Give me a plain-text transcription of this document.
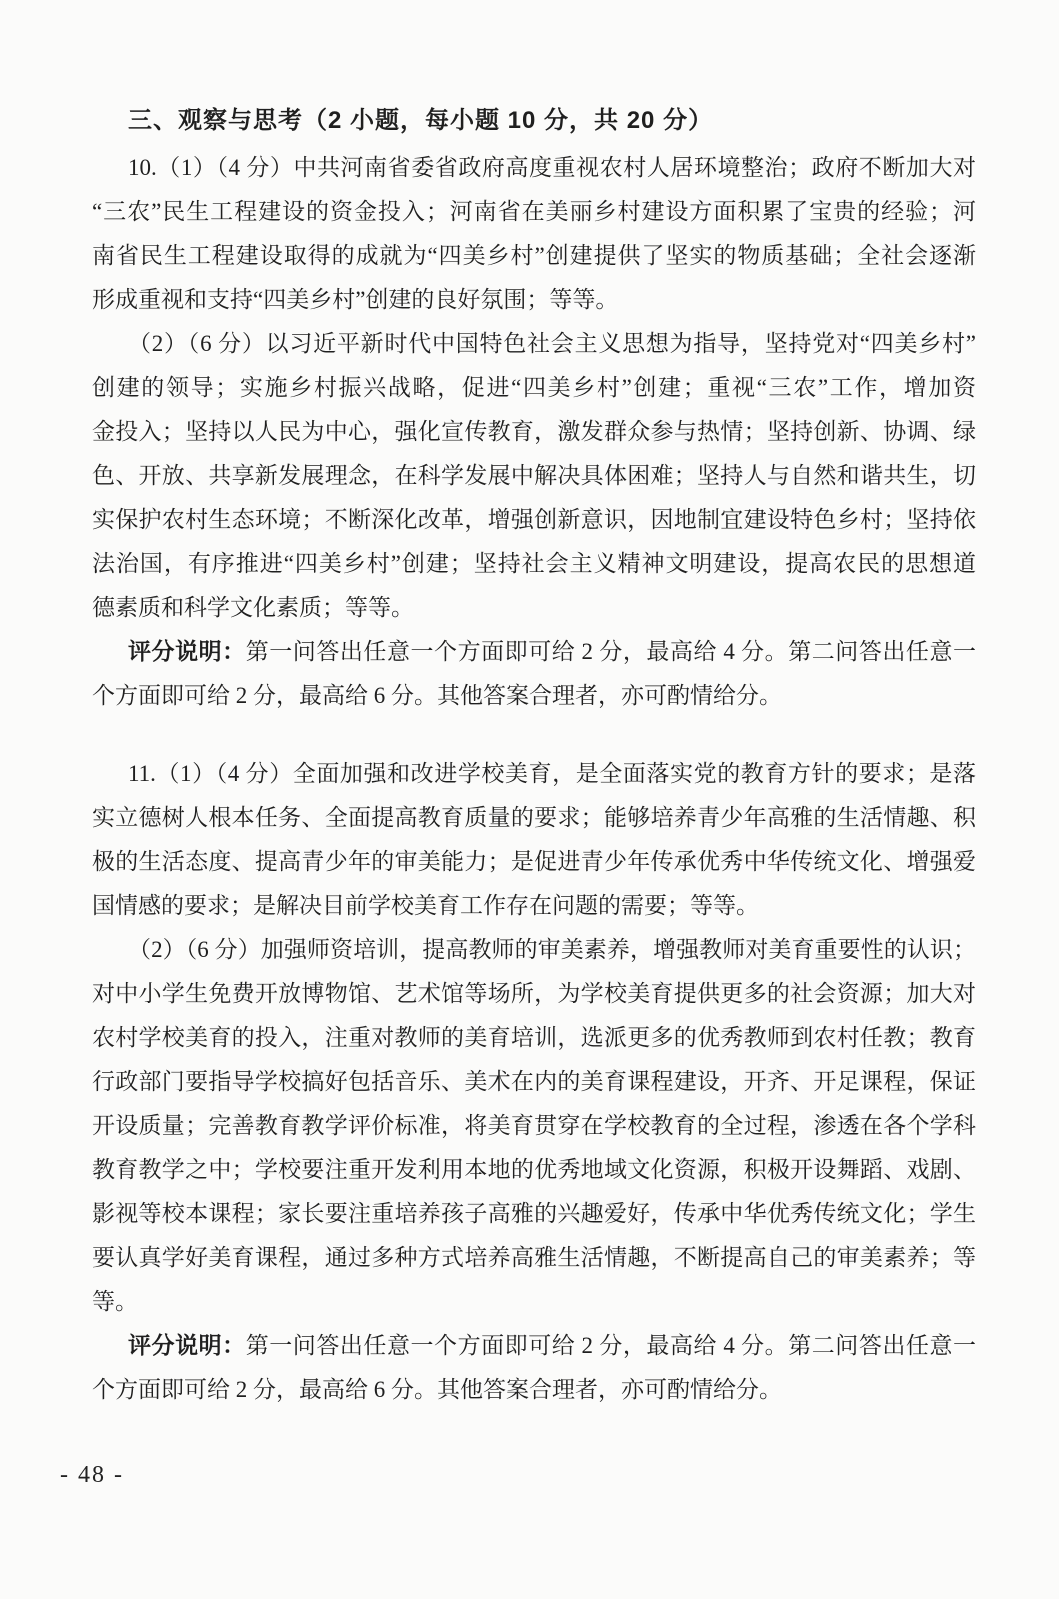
三、观察与思考（2 小题，每小题 10 分，共 20 分）
10.（1）（4 分）中共河南省委省政府高度重视农村人居环境整治；政府不断加大对
“三农”民生工程建设的资金投入；河南省在美丽乡村建设方面积累了宝贵的经验；河
南省民生工程建设取得的成就为“四美乡村”创建提供了坚实的物质基础；全社会逐渐
形成重视和支持“四美乡村”创建的良好氛围；等等。
（2）（6 分）以习近平新时代中国特色社会主义思想为指导，坚持党对“四美乡村”
创建的领导；实施乡村振兴战略，促进“四美乡村”创建；重视“三农”工作，增加资
金投入；坚持以人民为中心，强化宣传教育，激发群众参与热情；坚持创新、协调、绿
色、开放、共享新发展理念，在科学发展中解决具体困难；坚持人与自然和谐共生，切
实保护农村生态环境；不断深化改革，增强创新意识，因地制宜建设特色乡村；坚持依
法治国，有序推进“四美乡村”创建；坚持社会主义精神文明建设，提高农民的思想道
德素质和科学文化素质；等等。
评分说明：第一问答出任意一个方面即可给 2 分，最高给 4 分。第二问答出任意一
个方面即可给 2 分，最高给 6 分。其他答案合理者，亦可酌情给分。
11.（1）（4 分）全面加强和改进学校美育，是全面落实党的教育方针的要求；是落
实立德树人根本任务、全面提高教育质量的要求；能够培养青少年高雅的生活情趣、积
极的生活态度、提高青少年的审美能力；是促进青少年传承优秀中华传统文化、增强爱
国情感的要求；是解决目前学校美育工作存在问题的需要；等等。
（2）（6 分）加强师资培训，提高教师的审美素养，增强教师对美育重要性的认识；
对中小学生免费开放博物馆、艺术馆等场所，为学校美育提供更多的社会资源；加大对
农村学校美育的投入，注重对教师的美育培训，选派更多的优秀教师到农村任教；教育
行政部门要指导学校搞好包括音乐、美术在内的美育课程建设，开齐、开足课程，保证
开设质量；完善教育教学评价标准，将美育贯穿在学校教育的全过程，渗透在各个学科
教育教学之中；学校要注重开发利用本地的优秀地域文化资源，积极开设舞蹈、戏剧、
影视等校本课程；家长要注重培养孩子高雅的兴趣爱好，传承中华优秀传统文化；学生
要认真学好美育课程，通过多种方式培养高雅生活情趣，不断提高自己的审美素养；等
等。
评分说明：第一问答出任意一个方面即可给 2 分，最高给 4 分。第二问答出任意一
个方面即可给 2 分，最高给 6 分。其他答案合理者，亦可酌情给分。
- 48 -
